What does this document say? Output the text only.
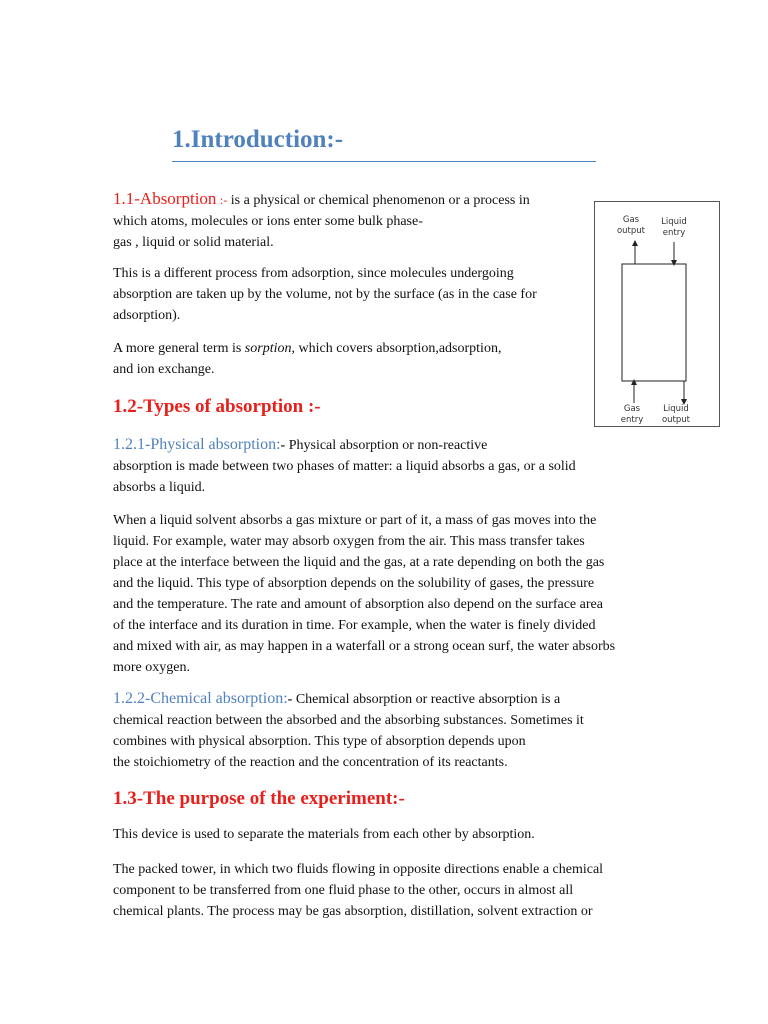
1.Introduction:-

1.1-Absorption :- is a physical or chemical phenomenon or a process in
which atoms, molecules or ions enter some bulk phase-
gas , liquid or solid material.

This is a different process from adsorption, since molecules undergoing
absorption are taken up by the volume, not by the surface (as in the case for
adsorption).

A more general term is sorption, which covers absorption,adsorption,
and ion exchange.

Gas
output
Liquid
entry
Gas
entry
Liquid
output
1.2-Types of absorption :-

1.2.1-Physical absorption:- Physical absorption or non-reactive
absorption is made between two phases of matter: a liquid absorbs a gas, or a solid
absorbs a liquid.

When a liquid solvent absorbs a gas mixture or part of it, a mass of gas moves into the
liquid. For example, water may absorb oxygen from the air. This mass transfer takes
place at the interface between the liquid and the gas, at a rate depending on both the gas
and the liquid. This type of absorption depends on the solubility of gases, the pressure
and the temperature. The rate and amount of absorption also depend on the surface area
of the interface and its duration in time. For example, when the water is finely divided
and mixed with air, as may happen in a waterfall or a strong ocean surf, the water absorbs
more oxygen.

1.2.2-Chemical absorption:- Chemical absorption or reactive absorption is a
chemical reaction between the absorbed and the absorbing substances. Sometimes it
combines with physical absorption. This type of absorption depends upon
the stoichiometry of the reaction and the concentration of its reactants.

1.3-The purpose of the experiment:-

This device is used to separate the materials from each other by absorption.

The packed tower, in which two fluids flowing in opposite directions enable a chemical
component to be transferred from one fluid phase to the other, occurs in almost all
chemical plants. The process may be gas absorption, distillation, solvent extraction or
